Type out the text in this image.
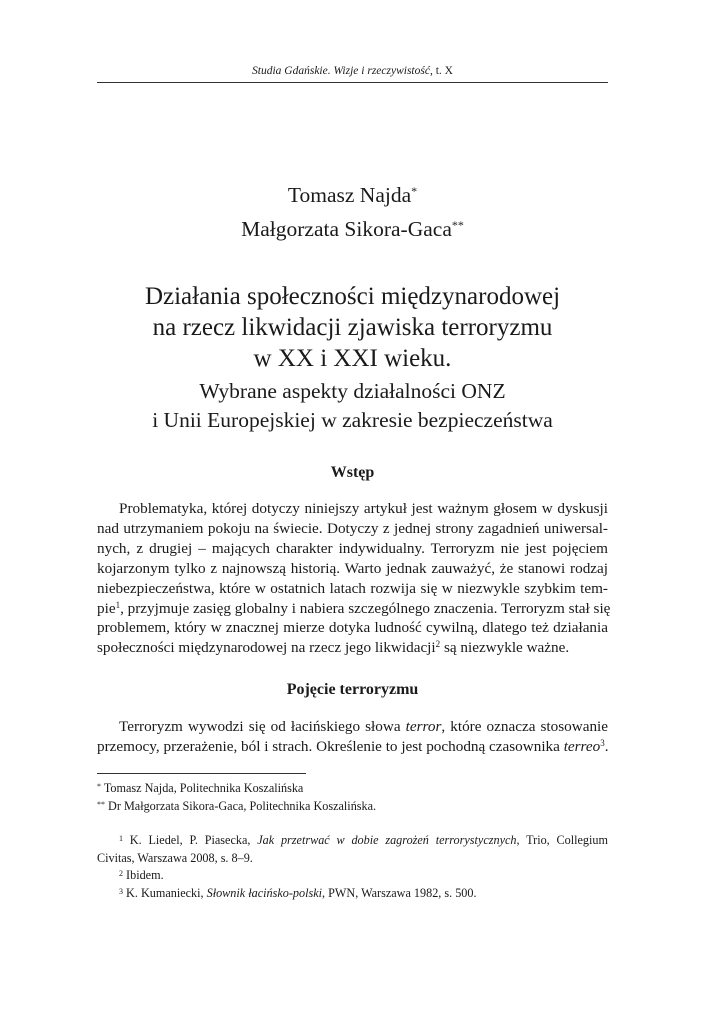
Studia Gdańskie. Wizje i rzeczywistość, t. X
Tomasz Najda*
Małgorzata Sikora-Gaca**
Działania społeczności międzynarodowej
na rzecz likwidacji zjawiska terroryzmu
w XX i XXI wieku.
Wybrane aspekty działalności ONZ
i Unii Europejskiej w zakresie bezpieczeństwa
Wstęp
Problematyka, której dotyczy niniejszy artykuł jest ważnym głosem w dyskusji
nad utrzymaniem pokoju na świecie. Dotyczy z jednej strony zagadnień uniwersal-
nych, z drugiej – mających charakter indywidualny. Terroryzm nie jest pojęciem
kojarzonym tylko z najnowszą historią. Warto jednak zauważyć, że stanowi rodzaj
niebezpieczeństwa, które w ostatnich latach rozwija się w niezwykle szybkim tem-
pie$^1$, przyjmuje zasięg globalny i nabiera szczególnego znaczenia. Terroryzm stał się
problemem, który w znacznej mierze dotyka ludność cywilną, dlatego też działania
społeczności międzynarodowej na rzecz jego likwidacji$^2$ są niezwykle ważne.
Pojęcie terroryzmu
Terroryzm wywodzi się od łacińskiego słowa terror, które oznacza stosowanie
przemocy, przerażenie, ból i strach. Określenie to jest pochodną czasownika terreo$^3$.
* Tomasz Najda, Politechnika Koszalińska
** Dr Małgorzata Sikora-Gaca, Politechnika Koszalińska.
$^1$ K. Liedel, P. Piasecka, Jak przetrwać w dobie zagrożeń terrorystycznych, Trio, Collegium
Civitas, Warszawa 2008, s. 8–9.
$^2$ Ibidem.
$^3$ K. Kumaniecki, Słownik łacińsko-polski, PWN, Warszawa 1982, s. 500.
